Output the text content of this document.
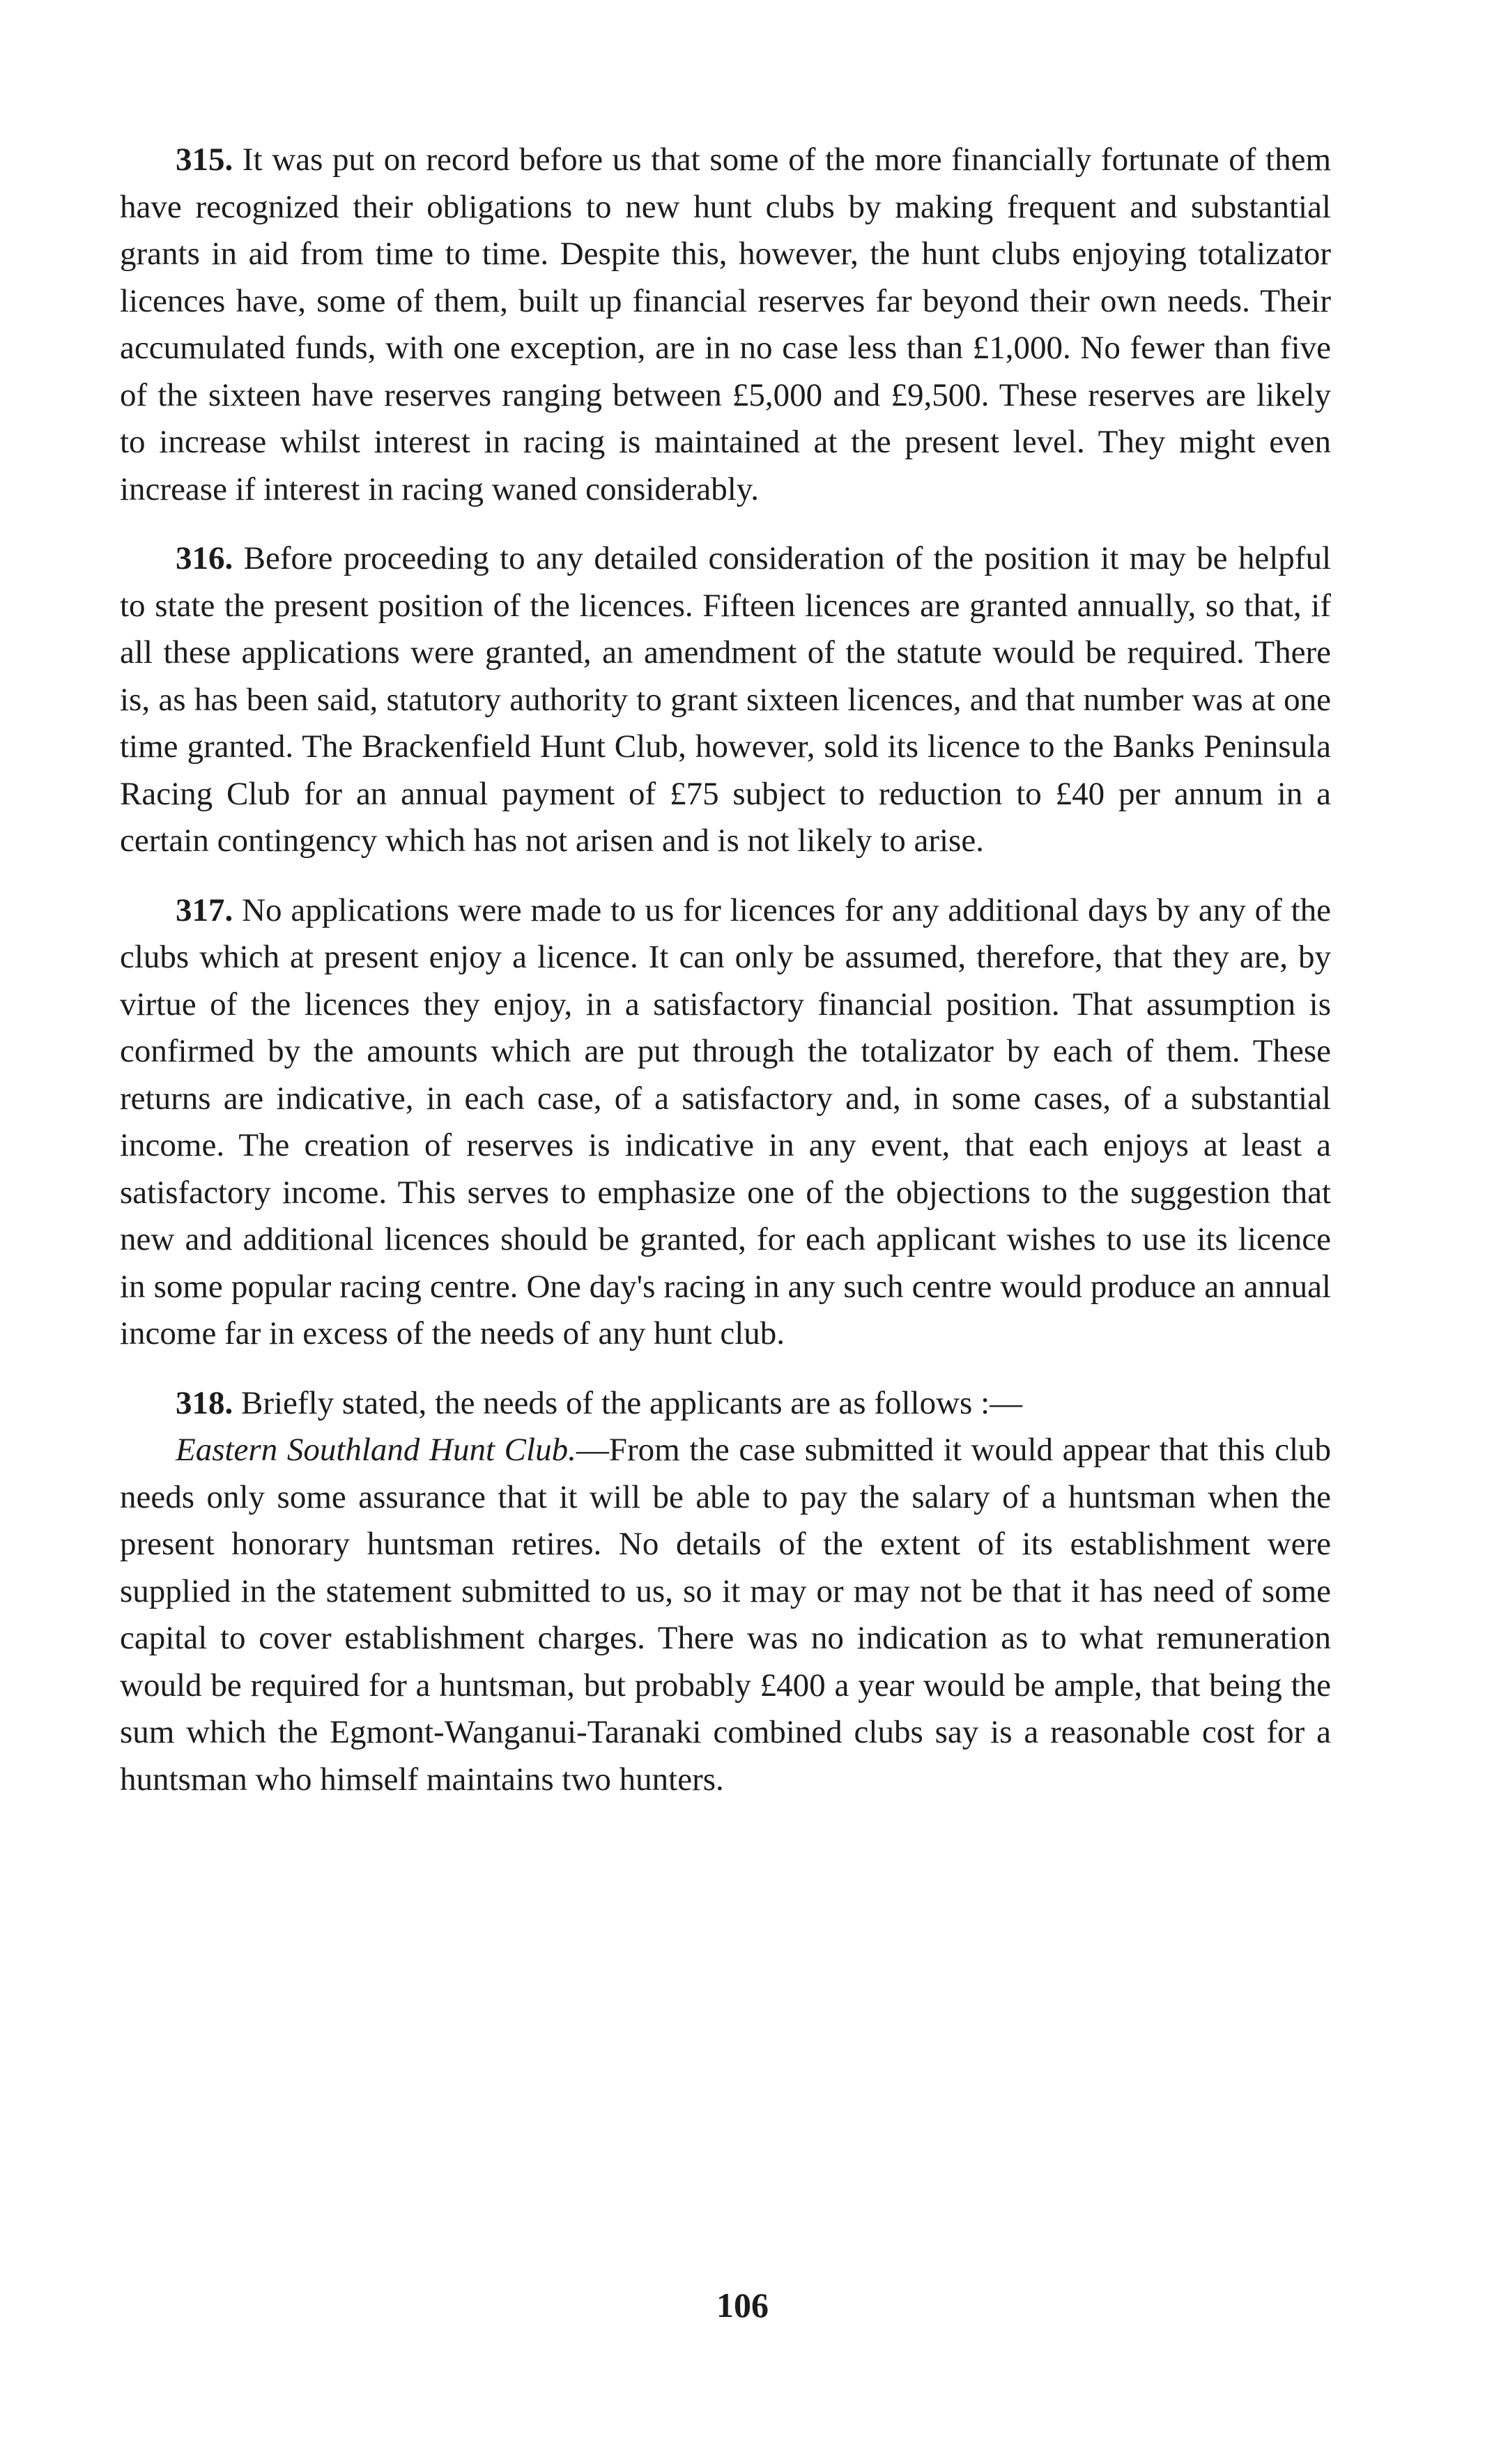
315. It was put on record before us that some of the more financially fortunate of them have recognized their obligations to new hunt clubs by making frequent and substantial grants in aid from time to time. Despite this, however, the hunt clubs enjoying totalizator licences have, some of them, built up financial reserves far beyond their own needs. Their accumulated funds, with one exception, are in no case less than £1,000. No fewer than five of the sixteen have reserves ranging between £5,000 and £9,500. These reserves are likely to increase whilst interest in racing is maintained at the present level. They might even increase if interest in racing waned considerably.

316. Before proceeding to any detailed consideration of the position it may be helpful to state the present position of the licences. Fifteen licences are granted annually, so that, if all these applications were granted, an amendment of the statute would be required. There is, as has been said, statutory authority to grant sixteen licences, and that number was at one time granted. The Brackenfield Hunt Club, however, sold its licence to the Banks Peninsula Racing Club for an annual payment of £75 subject to reduction to £40 per annum in a certain contingency which has not arisen and is not likely to arise.

317. No applications were made to us for licences for any additional days by any of the clubs which at present enjoy a licence. It can only be assumed, therefore, that they are, by virtue of the licences they enjoy, in a satisfactory financial position. That assumption is confirmed by the amounts which are put through the totalizator by each of them. These returns are indicative, in each case, of a satisfactory and, in some cases, of a substantial income. The creation of reserves is indicative in any event, that each enjoys at least a satisfactory income. This serves to emphasize one of the objections to the suggestion that new and additional licences should be granted, for each applicant wishes to use its licence in some popular racing centre. One day's racing in any such centre would produce an annual income far in excess of the needs of any hunt club.

318. Briefly stated, the needs of the applicants are as follows :—

Eastern Southland Hunt Club.—From the case submitted it would appear that this club needs only some assurance that it will be able to pay the salary of a huntsman when the present honorary huntsman retires. No details of the extent of its establishment were supplied in the statement submitted to us, so it may or may not be that it has need of some capital to cover establishment charges. There was no indication as to what remuneration would be required for a huntsman, but probably £400 a year would be ample, that being the sum which the Egmont-Wanganui-Taranaki combined clubs say is a reasonable cost for a huntsman who himself maintains two hunters.

106
